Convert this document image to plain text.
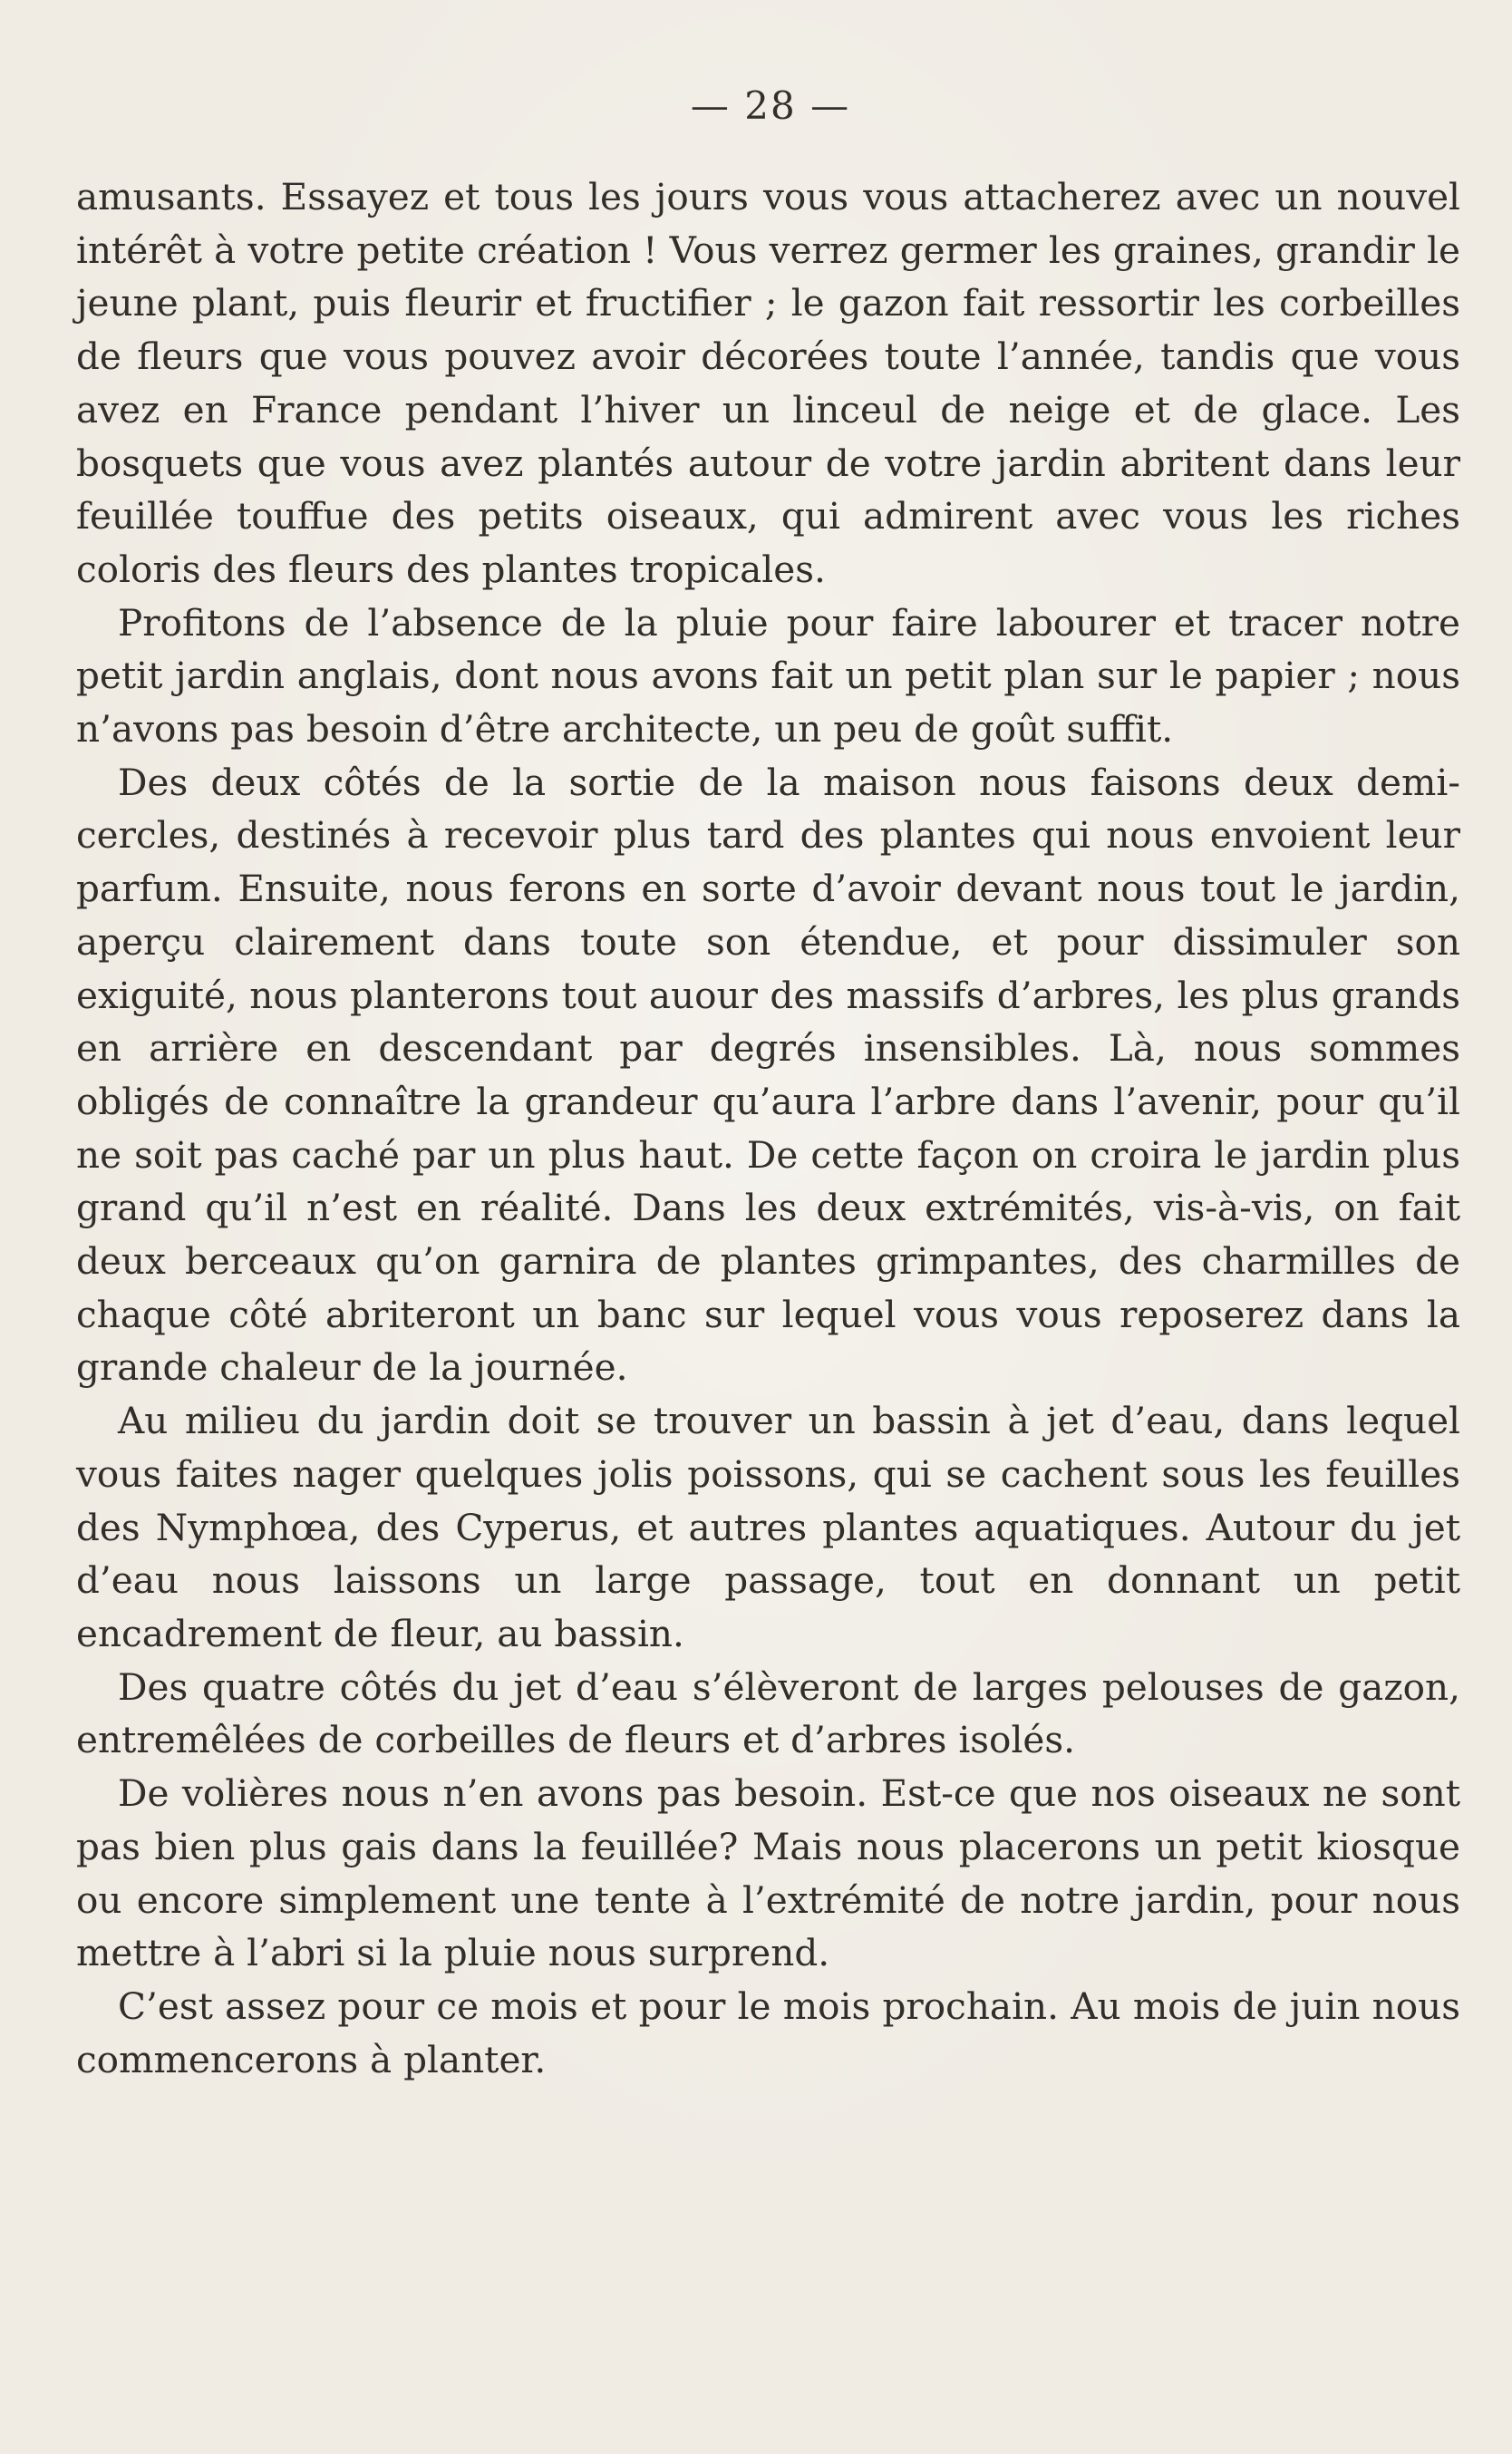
— 28 —

amusants. Essayez et tous les jours vous vous attacherez avec un nouvel intérêt à votre petite création ! Vous verrez germer les graines, grandir le jeune plant, puis fleurir et fructifier ; le gazon fait ressortir les corbeilles de fleurs que vous pouvez avoir décorées toute l’année, tandis que vous avez en France pendant l’hiver un linceul de neige et de glace. Les bosquets que vous avez plantés autour de votre jardin abritent dans leur feuillée touffue des petits oiseaux, qui admirent avec vous les riches coloris des fleurs des plantes tropicales.

Profitons de l’absence de la pluie pour faire labourer et tracer notre petit jardin anglais, dont nous avons fait un petit plan sur le papier ; nous n’avons pas besoin d’être architecte, un peu de goût suffit.

Des deux côtés de la sortie de la maison nous faisons deux demi-cercles, destinés à recevoir plus tard des plantes qui nous envoient leur parfum. Ensuite, nous ferons en sorte d’avoir devant nous tout le jardin, aperçu clairement dans toute son étendue, et pour dissimuler son exiguité, nous planterons tout auour des massifs d’arbres, les plus grands en arrière en descendant par degrés insensibles. Là, nous sommes obligés de connaître la grandeur qu’aura l’arbre dans l’avenir, pour qu’il ne soit pas caché par un plus haut. De cette façon on croira le jardin plus grand qu’il n’est en réalité. Dans les deux extrémités, vis-à-vis, on fait deux berceaux qu’on garnira de plantes grimpantes, des charmilles de chaque côté abriteront un banc sur lequel vous vous reposerez dans la grande chaleur de la journée.

Au milieu du jardin doit se trouver un bassin à jet d’eau, dans lequel vous faites nager quelques jolis poissons, qui se cachent sous les feuilles des Nymphœa, des Cyperus, et autres plantes aquatiques. Autour du jet d’eau nous laissons un large passage, tout en donnant un petit encadrement de fleur, au bassin.

Des quatre côtés du jet d’eau s’élèveront de larges pelouses de gazon, entremêlées de corbeilles de fleurs et d’arbres isolés.

De volières nous n’en avons pas besoin. Est-ce que nos oiseaux ne sont pas bien plus gais dans la feuillée? Mais nous placerons un petit kiosque ou encore simplement une tente à l’extrémité de notre jardin, pour nous mettre à l’abri si la pluie nous surprend.

C’est assez pour ce mois et pour le mois prochain. Au mois de juin nous commencerons à planter.
